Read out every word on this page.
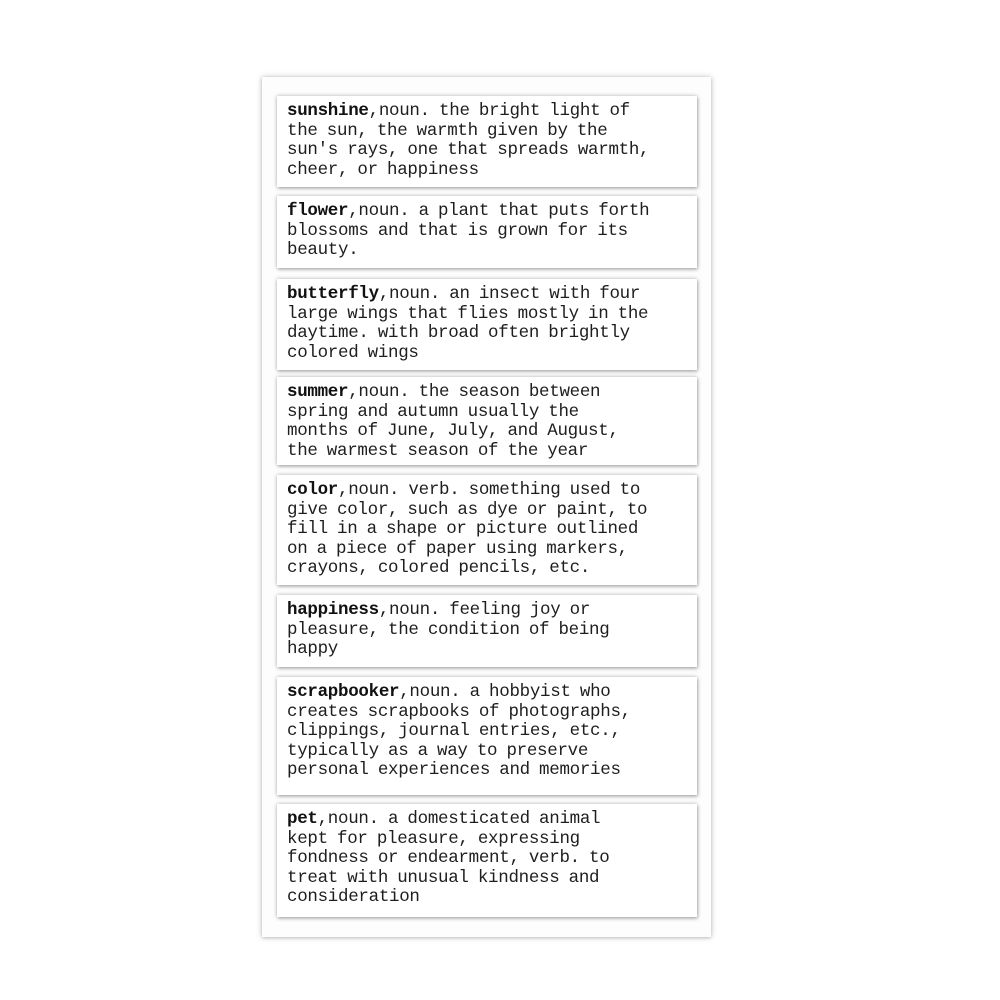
sunshine,noun. the bright light of
the sun, the warmth given by the
sun's rays, one that spreads warmth,
cheer, or happiness
flower,noun. a plant that puts forth
blossoms and that is grown for its
beauty.
butterfly,noun. an insect with four
large wings that flies mostly in the
daytime. with broad often brightly
colored wings
summer,noun. the season between
spring and autumn usually the
months of June, July, and August,
the warmest season of the year
color,noun. verb. something used to
give color, such as dye or paint, to
fill in a shape or picture outlined
on a piece of paper using markers,
crayons, colored pencils, etc.
happiness,noun. feeling joy or
pleasure, the condition of being
happy
scrapbooker,noun. a hobbyist who
creates scrapbooks of photographs,
clippings, journal entries, etc.,
typically as a way to preserve
personal experiences and memories
pet,noun. a domesticated animal
kept for pleasure, expressing
fondness or endearment, verb. to
treat with unusual kindness and
consideration
